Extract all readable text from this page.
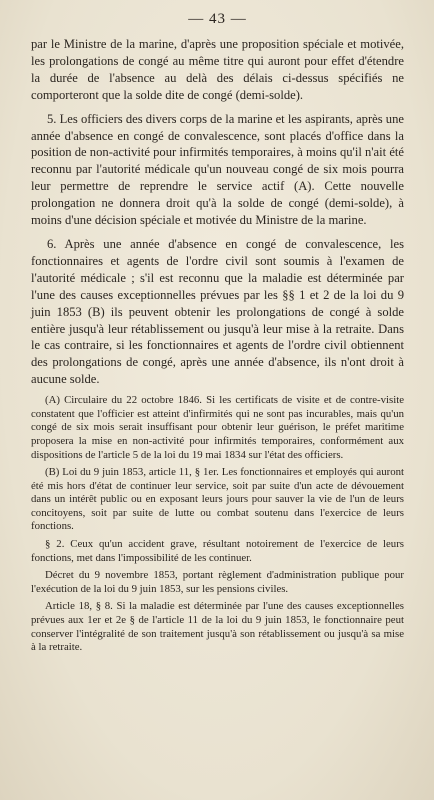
— 43 —

par le Ministre de la marine, d'après une proposition spéciale et motivée, les prolongations de congé au même titre qui auront pour effet d'étendre la durée de l'absence au delà des délais ci-dessus spécifiés ne comporteront que la solde dite de congé (demi-solde).

5. Les officiers des divers corps de la marine et les aspirants, après une année d'absence en congé de convalescence, sont placés d'office dans la position de non-activité pour infirmités temporaires, à moins qu'il n'ait été reconnu par l'autorité médicale qu'un nouveau congé de six mois pourra leur permettre de reprendre le service actif (A). Cette nouvelle prolongation ne donnera droit qu'à la solde de congé (demi-solde), à moins d'une décision spéciale et motivée du Ministre de la marine.

6. Après une année d'absence en congé de convalescence, les fonctionnaires et agents de l'ordre civil sont soumis à l'examen de l'autorité médicale ; s'il est reconnu que la maladie est déterminée par l'une des causes exceptionnelles prévues par les §§ 1 et 2 de la loi du 9 juin 1853 (B) ils peuvent obtenir les prolongations de congé à solde entière jusqu'à leur rétablissement ou jusqu'à leur mise à la retraite. Dans le cas contraire, si les fonctionnaires et agents de l'ordre civil obtiennent des prolongations de congé, après une année d'absence, ils n'ont droit à aucune solde.

(A) Circulaire du 22 octobre 1846. Si les certificats de visite et de contre-visite constatent que l'officier est atteint d'infirmités qui ne sont pas incurables, mais qu'un congé de six mois serait insuffisant pour obtenir leur guérison, le préfet maritime proposera la mise en non-activité pour infirmités temporaires, conformément aux dispositions de l'article 5 de la loi du 19 mai 1834 sur l'état des officiers.

(B) Loi du 9 juin 1853, article 11, § 1er. Les fonctionnaires et employés qui auront été mis hors d'état de continuer leur service, soit par suite d'un acte de dévouement dans un intérêt public ou en exposant leurs jours pour sauver la vie de l'un de leurs concitoyens, soit par suite de lutte ou combat soutenu dans l'exercice de leurs fonctions.

§ 2. Ceux qu'un accident grave, résultant notoirement de l'exercice de leurs fonctions, met dans l'impossibilité de les continuer.

Décret du 9 novembre 1853, portant règlement d'administration publique pour l'exécution de la loi du 9 juin 1853, sur les pensions civiles.

Article 18, § 8. Si la maladie est déterminée par l'une des causes exceptionnelles prévues aux 1er et 2e § de l'article 11 de la loi du 9 juin 1853, le fonctionnaire peut conserver l'intégralité de son traitement jusqu'à son rétablissement ou jusqu'à sa mise à la retraite.
